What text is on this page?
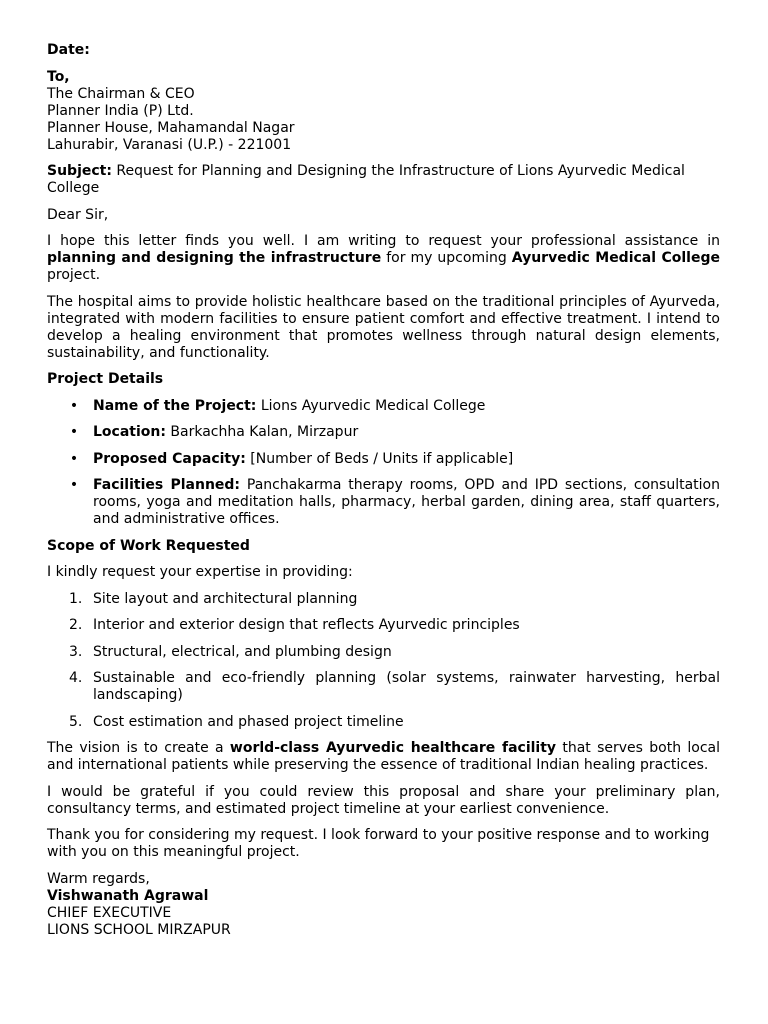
Date:

To,
The Chairman & CEO
Planner India (P) Ltd.
Planner House, Mahamandal Nagar
Lahurabir, Varanasi (U.P.) - 221001

Subject: Request for Planning and Designing the Infrastructure of Lions Ayurvedic Medical College

Dear Sir,

I hope this letter finds you well. I am writing to request your professional assistance in planning and designing the infrastructure for my upcoming Ayurvedic Medical College project.

The hospital aims to provide holistic healthcare based on the traditional principles of Ayurveda, integrated with modern facilities to ensure patient comfort and effective treatment. I intend to develop a healing environment that promotes wellness through natural design elements, sustainability, and functionality.

Project Details

• Name of the Project: Lions Ayurvedic Medical College
• Location: Barkachha Kalan, Mirzapur
• Proposed Capacity: [Number of Beds / Units if applicable]
• Facilities Planned: Panchakarma therapy rooms, OPD and IPD sections, consultation rooms, yoga and meditation halls, pharmacy, herbal garden, dining area, staff quarters, and administrative offices.

Scope of Work Requested

I kindly request your expertise in providing:

1. Site layout and architectural planning
2. Interior and exterior design that reflects Ayurvedic principles
3. Structural, electrical, and plumbing design
4. Sustainable and eco-friendly planning (solar systems, rainwater harvesting, herbal landscaping)
5. Cost estimation and phased project timeline

The vision is to create a world-class Ayurvedic healthcare facility that serves both local and international patients while preserving the essence of traditional Indian healing practices.

I would be grateful if you could review this proposal and share your preliminary plan, consultancy terms, and estimated project timeline at your earliest convenience.

Thank you for considering my request. I look forward to your positive response and to working with you on this meaningful project.

Warm regards,
Vishwanath Agrawal
CHIEF EXECUTIVE
LIONS SCHOOL MIRZAPUR
